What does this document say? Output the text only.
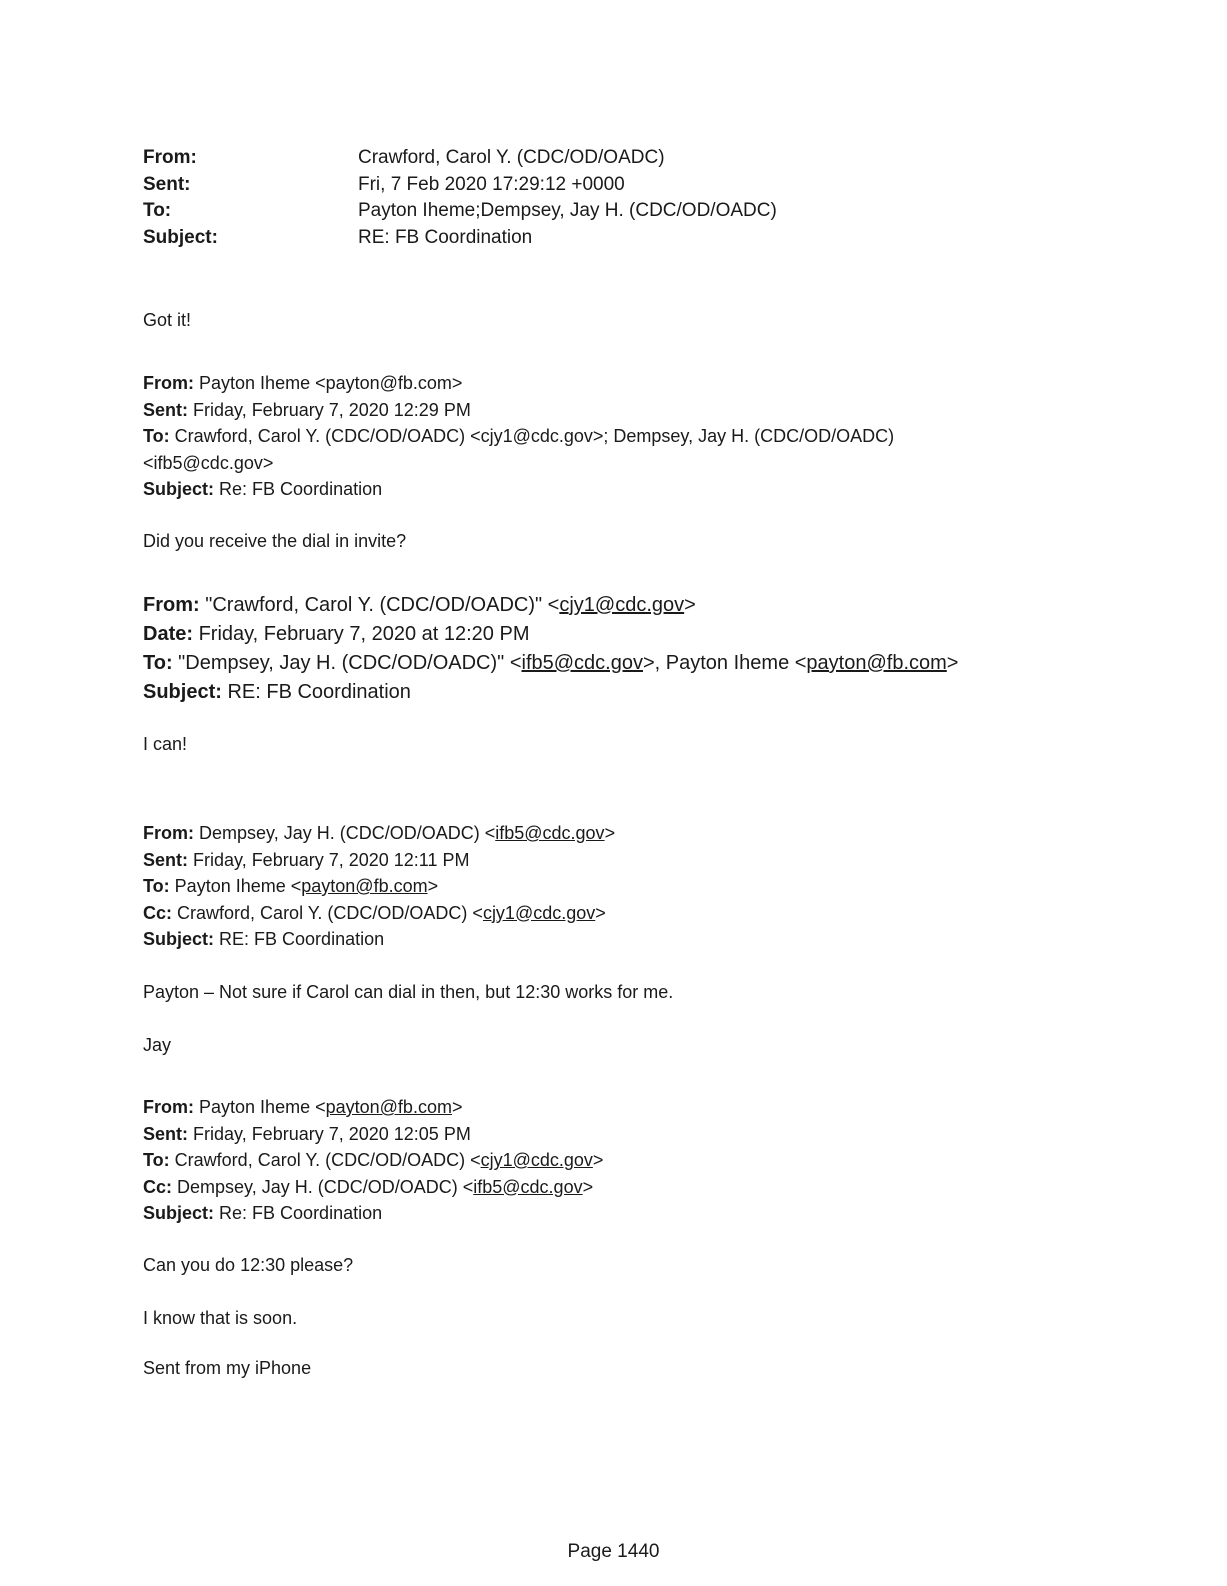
From:	Crawford, Carol Y. (CDC/OD/OADC)
Sent:	Fri, 7 Feb 2020 17:29:12 +0000
To:	Payton Iheme;Dempsey, Jay H. (CDC/OD/OADC)
Subject:	RE: FB Coordination
Got it!
From: Payton Iheme <payton@fb.com>
Sent: Friday, February 7, 2020 12:29 PM
To: Crawford, Carol Y. (CDC/OD/OADC) <cjy1@cdc.gov>; Dempsey, Jay H. (CDC/OD/OADC)
<ifb5@cdc.gov>
Subject: Re: FB Coordination
Did you receive the dial in invite?
From: "Crawford, Carol Y. (CDC/OD/OADC)" <cjy1@cdc.gov>
Date: Friday, February 7, 2020 at 12:20 PM
To: "Dempsey, Jay H. (CDC/OD/OADC)" <ifb5@cdc.gov>, Payton Iheme <payton@fb.com>
Subject: RE: FB Coordination
I can!
From: Dempsey, Jay H. (CDC/OD/OADC) <ifb5@cdc.gov>
Sent: Friday, February 7, 2020 12:11 PM
To: Payton Iheme <payton@fb.com>
Cc: Crawford, Carol Y. (CDC/OD/OADC) <cjy1@cdc.gov>
Subject: RE: FB Coordination
Payton – Not sure if Carol can dial in then, but 12:30 works for me.
Jay
From: Payton Iheme <payton@fb.com>
Sent: Friday, February 7, 2020 12:05 PM
To: Crawford, Carol Y. (CDC/OD/OADC) <cjy1@cdc.gov>
Cc: Dempsey, Jay H. (CDC/OD/OADC) <ifb5@cdc.gov>
Subject: Re: FB Coordination
Can you do 12:30 please?
I know that is soon.
Sent from my iPhone
Page 1440
